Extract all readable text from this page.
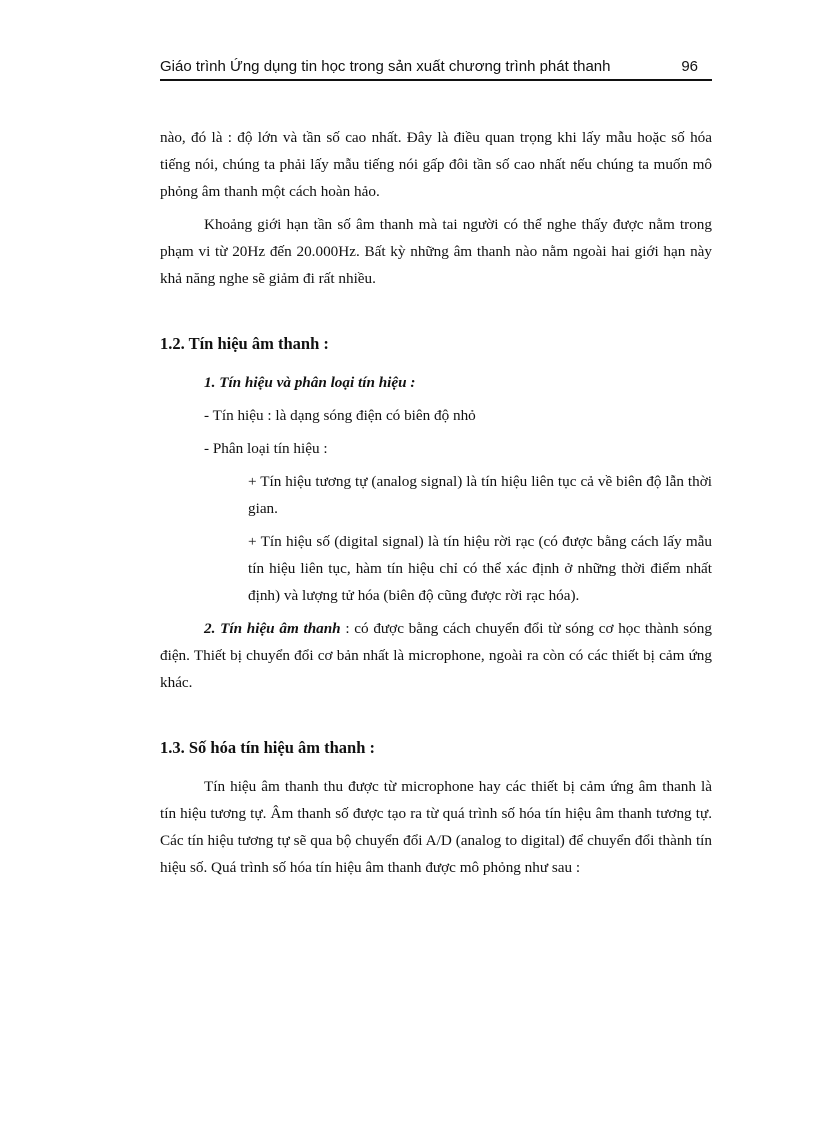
Giáo trình Ứng dụng tin học trong sản xuất chương trình phát thanh	96

nào, đó là : độ lớn và tần số cao nhất. Đây là điều quan trọng khi lấy mẫu hoặc số hóa tiếng nói, chúng ta phải lấy mẫu tiếng nói gấp đôi tần số cao nhất nếu chúng ta muốn mô phỏng âm thanh một cách hoàn hảo.

Khoảng giới hạn tần số âm thanh mà tai người có thể nghe thấy được nằm trong phạm vi từ 20Hz đến 20.000Hz. Bất kỳ những âm thanh nào nằm ngoài hai giới hạn này khả năng nghe sẽ giảm đi rất nhiều.

1.2. Tín hiệu âm thanh :

1. Tín hiệu và phân loại tín hiệu :

- Tín hiệu : là dạng sóng điện có biên độ nhỏ

- Phân loại tín hiệu :

+ Tín hiệu tương tự (analog signal) là tín hiệu liên tục cả về biên độ lẫn thời gian.

+ Tín hiệu số (digital signal) là tín hiệu rời rạc (có được bằng cách lấy mẫu tín hiệu liên tục, hàm tín hiệu chỉ có thể xác định ở những thời điểm nhất định) và lượng tử hóa (biên độ cũng được rời rạc hóa).

2. Tín hiệu âm thanh : có được bằng cách chuyển đổi từ sóng cơ học thành sóng điện. Thiết bị chuyển đổi cơ bản nhất là microphone, ngoài ra còn có các thiết bị cảm ứng khác.

1.3. Số hóa tín hiệu âm thanh :

Tín hiệu âm thanh thu được từ microphone hay các thiết bị cảm ứng âm thanh là tín hiệu tương tự. Âm thanh số được tạo ra từ quá trình số hóa tín hiệu âm thanh tương tự. Các tín hiệu tương tự sẽ qua bộ chuyển đổi A/D (analog to digital) để chuyển đổi thành tín hiệu số. Quá trình số hóa tín hiệu âm thanh được mô phỏng như sau :
